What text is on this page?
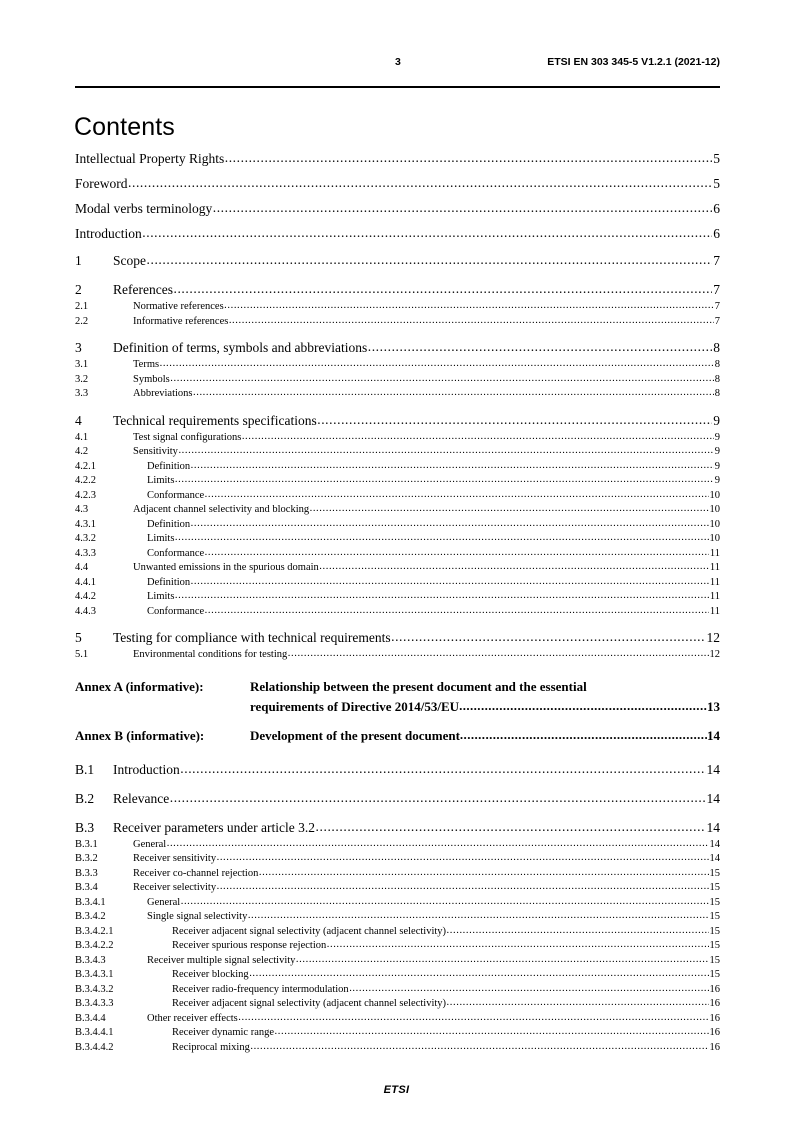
3	ETSI EN 303 345-5 V1.2.1 (2021-12)
Contents
Intellectual Property Rights .....	5
Foreword .....	5
Modal verbs terminology .....	6
Introduction .....	6
1	Scope .....	7
2	References .....	7
2.1	Normative references .....	7
2.2	Informative references .....	7
3	Definition of terms, symbols and abbreviations .....	8
3.1	Terms .....	8
3.2	Symbols .....	8
3.3	Abbreviations .....	8
4	Technical requirements specifications .....	9
4.1	Test signal configurations .....	9
4.2	Sensitivity .....	9
4.2.1	Definition .....	9
4.2.2	Limits .....	9
4.2.3	Conformance .....	10
4.3	Adjacent channel selectivity and blocking .....	10
4.3.1	Definition .....	10
4.3.2	Limits .....	10
4.3.3	Conformance .....	11
4.4	Unwanted emissions in the spurious domain .....	11
4.4.1	Definition .....	11
4.4.2	Limits .....	11
4.4.3	Conformance .....	11
5	Testing for compliance with technical requirements .....	12
5.1	Environmental conditions for testing .....	12
Annex A (informative):	Relationship between the present document and the essential
requirements of Directive 2014/53/EU .....	13
Annex B (informative):	Development of the present document .....	14
B.1	Introduction .....	14
B.2	Relevance .....	14
B.3	Receiver parameters under article 3.2 .....	14
B.3.1	General .....	14
B.3.2	Receiver sensitivity .....	14
B.3.3	Receiver co-channel rejection .....	15
B.3.4	Receiver selectivity .....	15
B.3.4.1	General .....	15
B.3.4.2	Single signal selectivity .....	15
B.3.4.2.1	Receiver adjacent signal selectivity (adjacent channel selectivity) .....	15
B.3.4.2.2	Receiver spurious response rejection .....	15
B.3.4.3	Receiver multiple signal selectivity .....	15
B.3.4.3.1	Receiver blocking .....	15
B.3.4.3.2	Receiver radio-frequency intermodulation .....	16
B.3.4.3.3	Receiver adjacent signal selectivity (adjacent channel selectivity) .....	16
B.3.4.4	Other receiver effects .....	16
B.3.4.4.1	Receiver dynamic range .....	16
B.3.4.4.2	Reciprocal mixing .....	16
ETSI
